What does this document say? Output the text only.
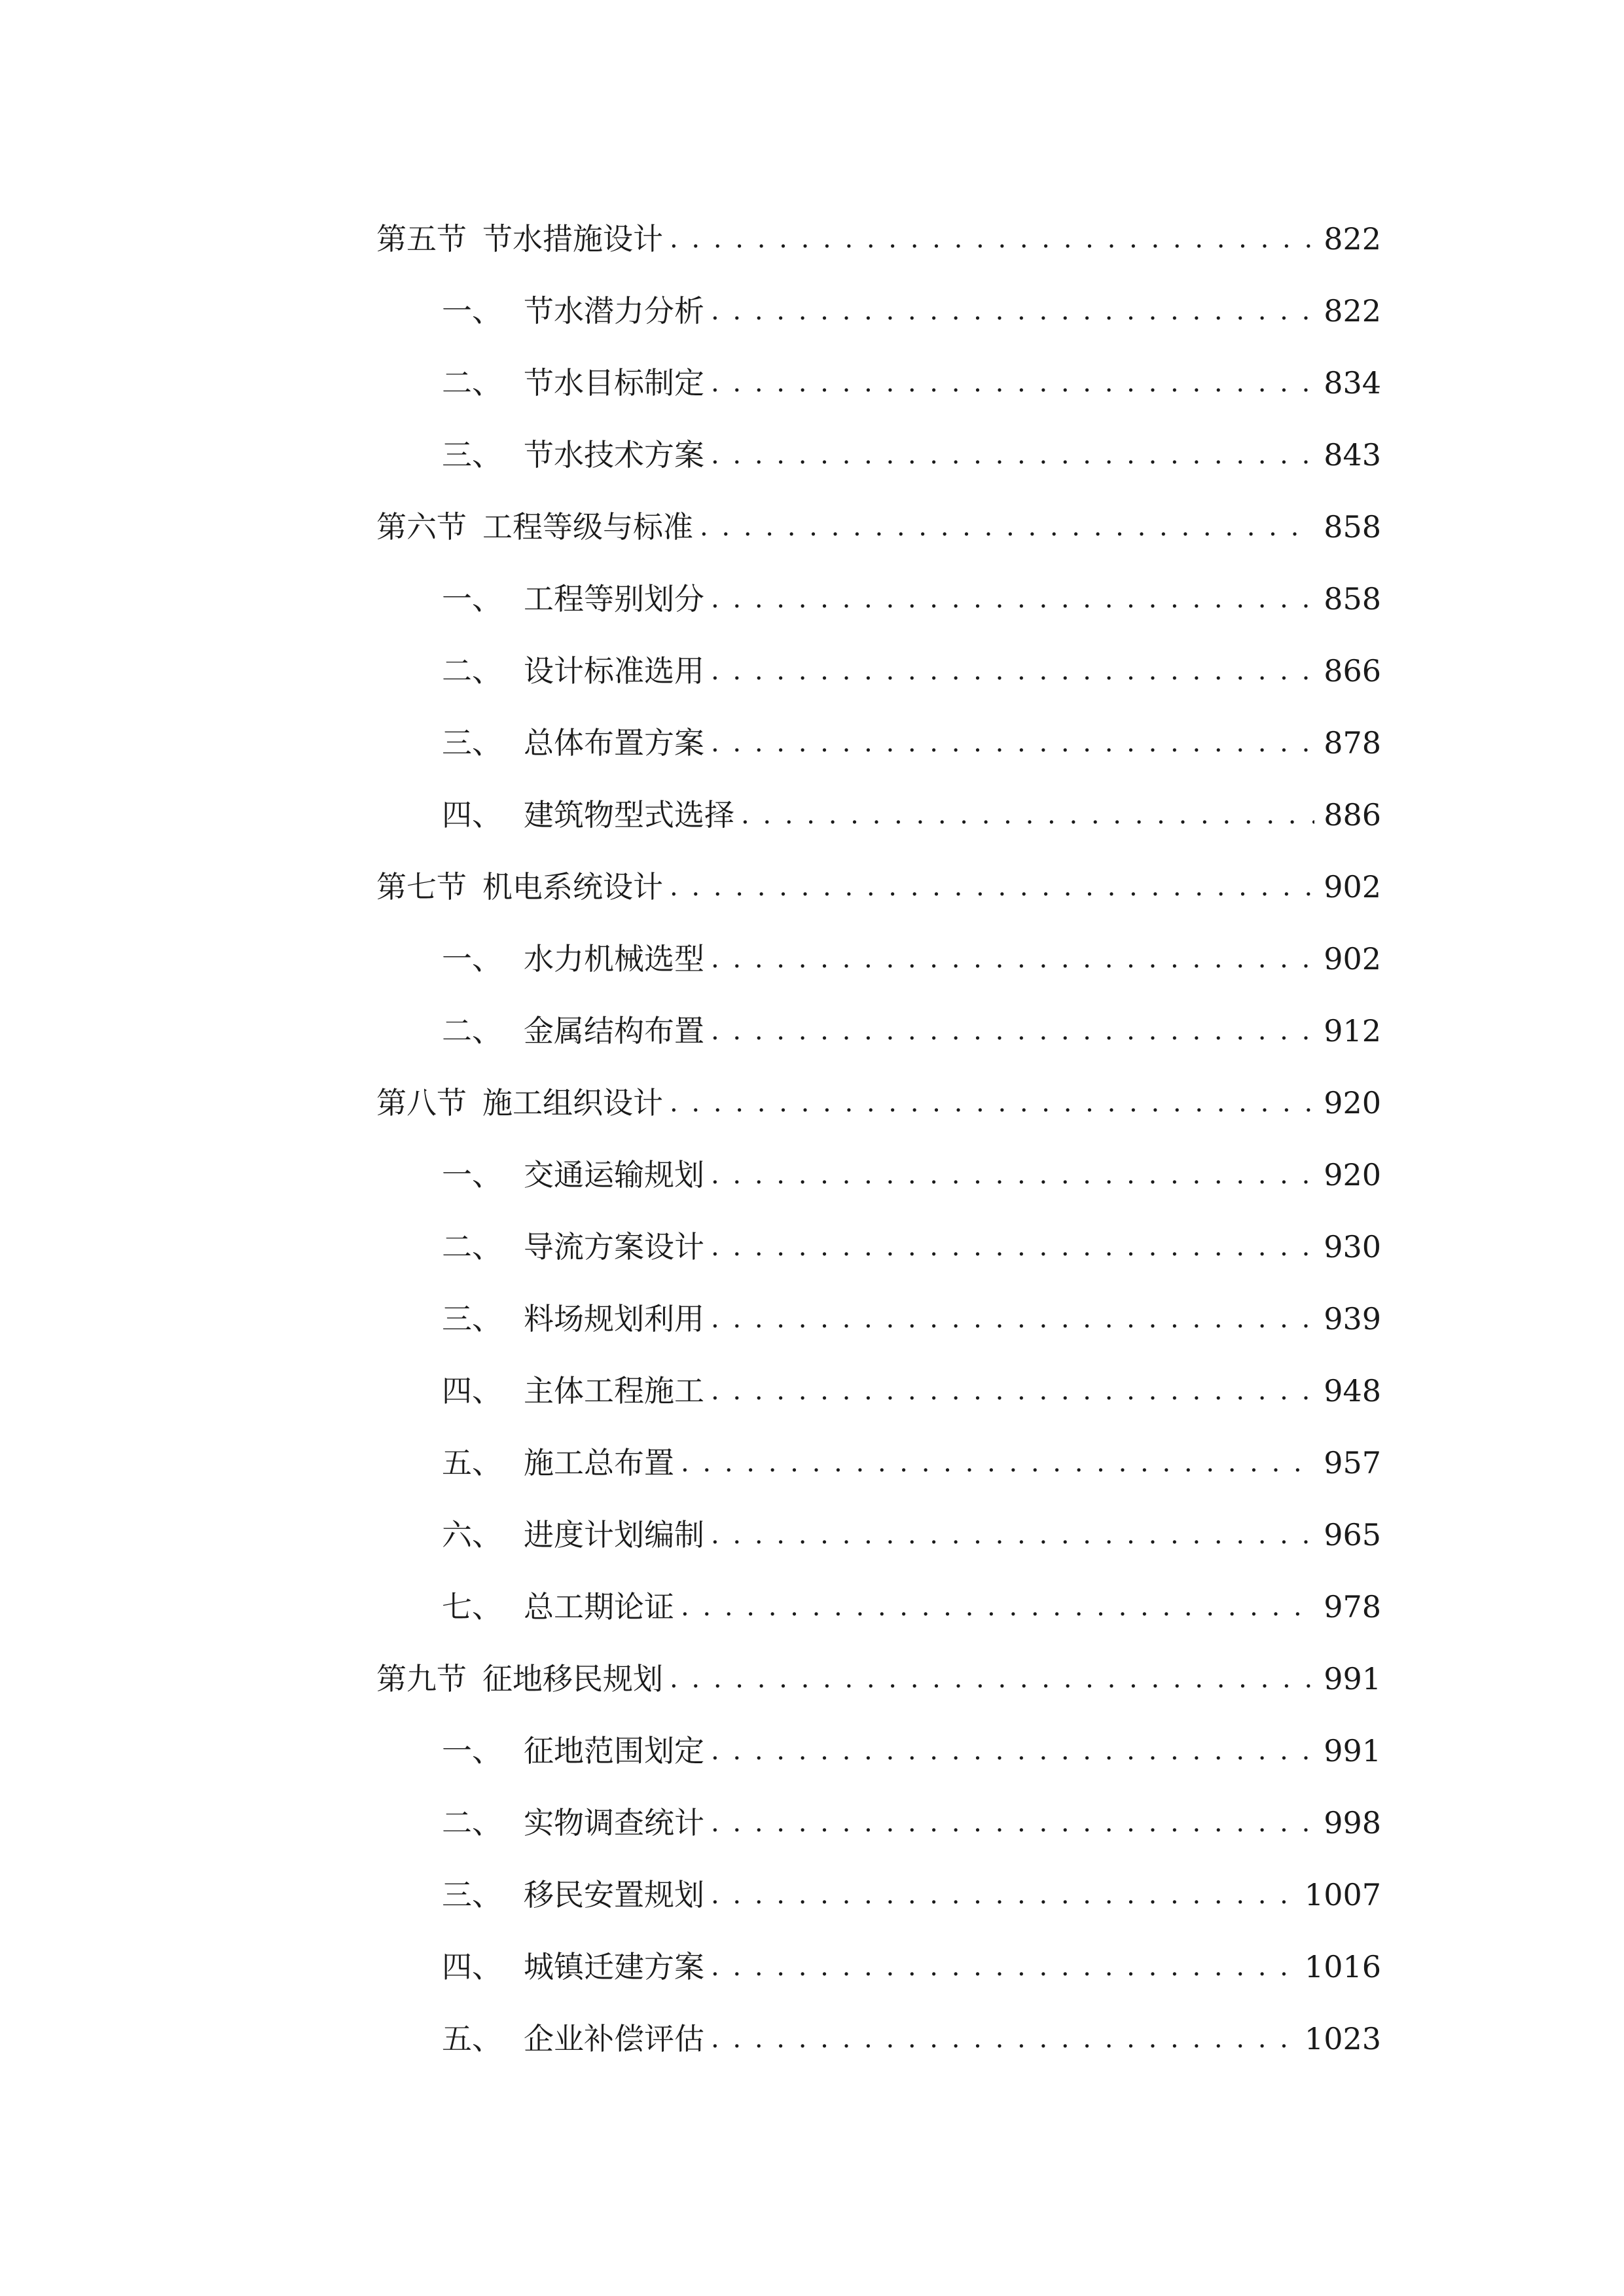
第五节 节水措施设计 . . .	822
一、 节水潜力分析 . . .	822
二、 节水目标制定 . . .	834
三、 节水技术方案 . . .	843
第六节 工程等级与标准 . . .	858
一、 工程等别划分 . . .	858
二、 设计标准选用 . . .	866
三、 总体布置方案 . . .	878
四、 建筑物型式选择 . . .	886
第七节 机电系统设计 . . .	902
一、 水力机械选型 . . .	902
二、 金属结构布置 . . .	912
第八节 施工组织设计 . . .	920
一、 交通运输规划 . . .	920
二、 导流方案设计 . . .	930
三、 料场规划利用 . . .	939
四、 主体工程施工 . . .	948
五、 施工总布置 . . .	957
六、 进度计划编制 . . .	965
七、 总工期论证 . . .	978
第九节 征地移民规划 . . .	991
一、 征地范围划定 . . .	991
二、 实物调查统计 . . .	998
三、 移民安置规划 . . .	1007
四、 城镇迁建方案 . . .	1016
五、 企业补偿评估 . . .	1023
